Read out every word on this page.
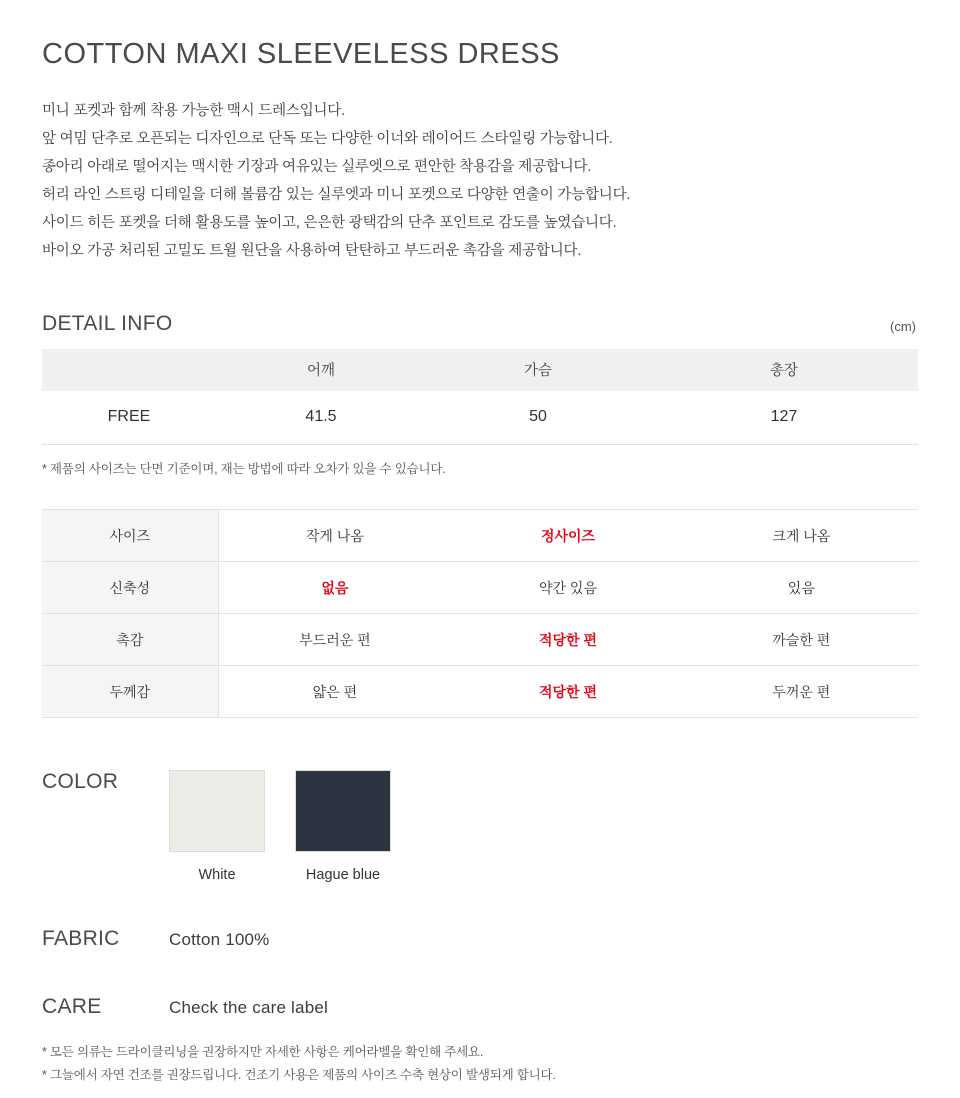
COTTON MAXI SLEEVELESS DRESS
미니 포켓과 함께 착용 가능한 맥시 드레스입니다.
앞 여밈 단추로 오픈되는 디자인으로 단독 또는 다양한 이너와 레이어드 스타일링 가능합니다.
종아리 아래로 떨어지는 맥시한 기장과 여유있는 실루엣으로 편안한 착용감을 제공합니다.
허리 라인 스트링 디테일을 더해 볼륨감 있는 실루엣과 미니 포켓으로 다양한 연출이 가능합니다.
사이드 히든 포켓을 더해 활용도를 높이고, 은은한 광택감의 단추 포인트로 감도를 높였습니다.
바이오 가공 처리된 고밀도 트윌 원단을 사용하여 탄탄하고 부드러운 촉감을 제공합니다.
DETAIL INFO	(cm)
	어깨	가슴	총장
FREE	41.5	50	127
* 제품의 사이즈는 단면 기준이며, 재는 방법에 따라 오차가 있을 수 있습니다.
사이즈	작게 나옴	정사이즈	크게 나옴
신축성	없음	약간 있음	있음
촉감	부드러운 편	적당한 편	까슬한 편
두께감	얇은 편	적당한 편	두꺼운 편
COLOR
White	Hague blue
FABRIC	Cotton 100%
CARE	Check the care label
* 모든 의류는 드라이클리닝을 권장하지만 자세한 사항은 케어라벨을 확인해 주세요.
* 그늘에서 자연 건조를 권장드립니다. 건조기 사용은 제품의 사이즈 수축 현상이 발생되게 합니다.
